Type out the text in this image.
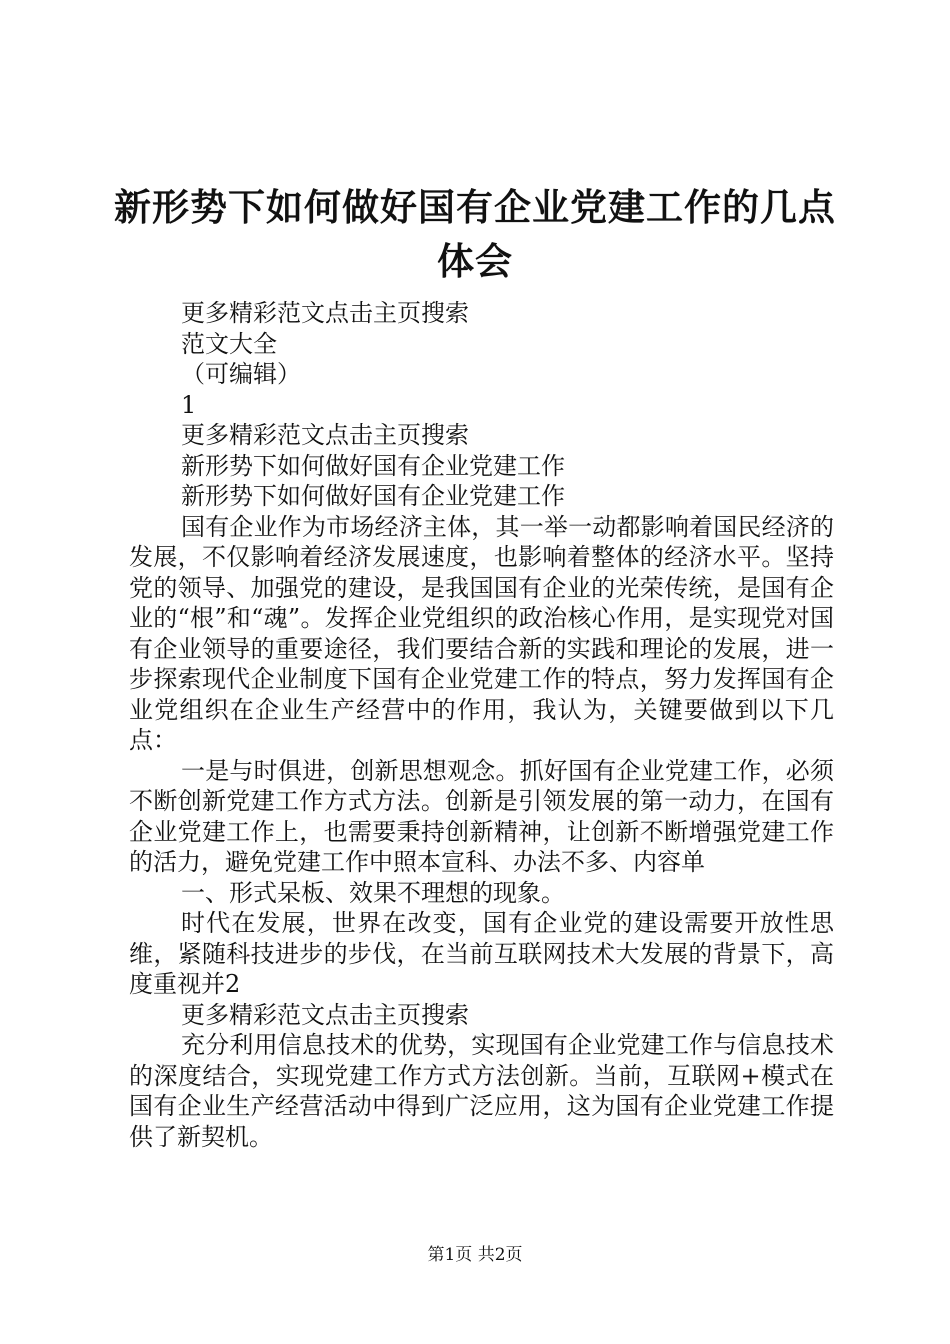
新形势下如何做好国有企业党建工作的几点体会

更多精彩范文点击主页搜索

范文大全

（可编辑）

1

更多精彩范文点击主页搜索

新形势下如何做好国有企业党建工作

新形势下如何做好国有企业党建工作

国有企业作为市场经济主体，其一举一动都影响着国民经济的发展，不仅影响着经济发展速度，也影响着整体的经济水平。坚持党的领导、加强党的建设，是我国国有企业的光荣传统，是国有企业的“根”和“魂”。发挥企业党组织的政治核心作用，是实现党对国有企业领导的重要途径，我们要结合新的实践和理论的发展，进一步探索现代企业制度下国有企业党建工作的特点，努力发挥国有企业党组织在企业生产经营中的作用，我认为，关键要做到以下几点：

一是与时俱进，创新思想观念。抓好国有企业党建工作，必须不断创新党建工作方式方法。创新是引领发展的第一动力，在国有企业党建工作上，也需要秉持创新精神，让创新不断增强党建工作的活力，避免党建工作中照本宣科、办法不多、内容单

一、形式呆板、效果不理想的现象。

时代在发展，世界在改变，国有企业党的建设需要开放性思维，紧随科技进步的步伐，在当前互联网技术大发展的背景下，高度重视并2

更多精彩范文点击主页搜索

充分利用信息技术的优势，实现国有企业党建工作与信息技术的深度结合，实现党建工作方式方法创新。当前，互联网+模式在国有企业生产经营活动中得到广泛应用，这为国有企业党建工作提供了新契机。

第1页 共2页
